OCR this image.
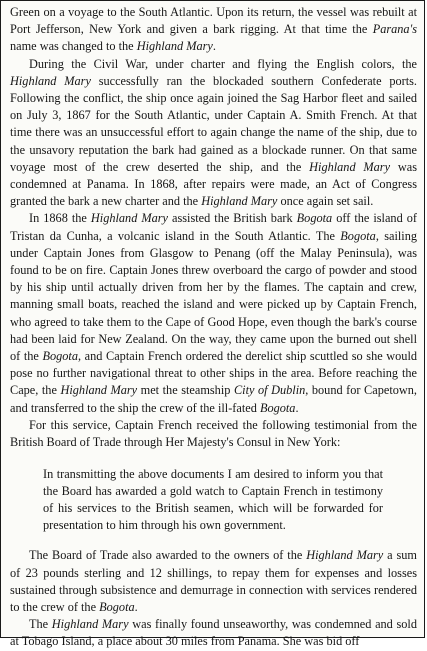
Green on a voyage to the South Atlantic. Upon its return, the vessel was rebuilt at Port Jefferson, New York and given a bark rigging. At that time the Parana's name was changed to the Highland Mary.

During the Civil War, under charter and flying the English colors, the Highland Mary successfully ran the blockaded southern Confederate ports. Following the conflict, the ship once again joined the Sag Harbor fleet and sailed on July 3, 1867 for the South Atlantic, under Captain A. Smith French. At that time there was an unsuccessful effort to again change the name of the ship, due to the unsavory reputation the bark had gained as a blockade runner. On that same voyage most of the crew deserted the ship, and the Highland Mary was condemned at Panama. In 1868, after repairs were made, an Act of Congress granted the bark a new charter and the Highland Mary once again set sail.

In 1868 the Highland Mary assisted the British bark Bogota off the island of Tristan da Cunha, a volcanic island in the South Atlantic. The Bogota, sailing under Captain Jones from Glasgow to Penang (off the Malay Peninsula), was found to be on fire. Captain Jones threw overboard the cargo of powder and stood by his ship until actually driven from her by the flames. The captain and crew, manning small boats, reached the island and were picked up by Captain French, who agreed to take them to the Cape of Good Hope, even though the bark's course had been laid for New Zealand. On the way, they came upon the burned out shell of the Bogota, and Captain French ordered the derelict ship scuttled so she would pose no further navigational threat to other ships in the area. Before reaching the Cape, the Highland Mary met the steamship City of Dublin, bound for Capetown, and transferred to the ship the crew of the ill-fated Bogota.

For this service, Captain French received the following testimonial from the British Board of Trade through Her Majesty's Consul in New York:

In transmitting the above documents I am desired to inform you that the Board has awarded a gold watch to Captain French in testimony of his services to the British seamen, which will be forwarded for presentation to him through his own government.

The Board of Trade also awarded to the owners of the Highland Mary a sum of 23 pounds sterling and 12 shillings, to repay them for expenses and losses sustained through subsistence and demurrage in connection with services rendered to the crew of the Bogota.

The Highland Mary was finally found unseaworthy, was condemned and sold at Tobago Island, a place about 30 miles from Panama. She was bid off
